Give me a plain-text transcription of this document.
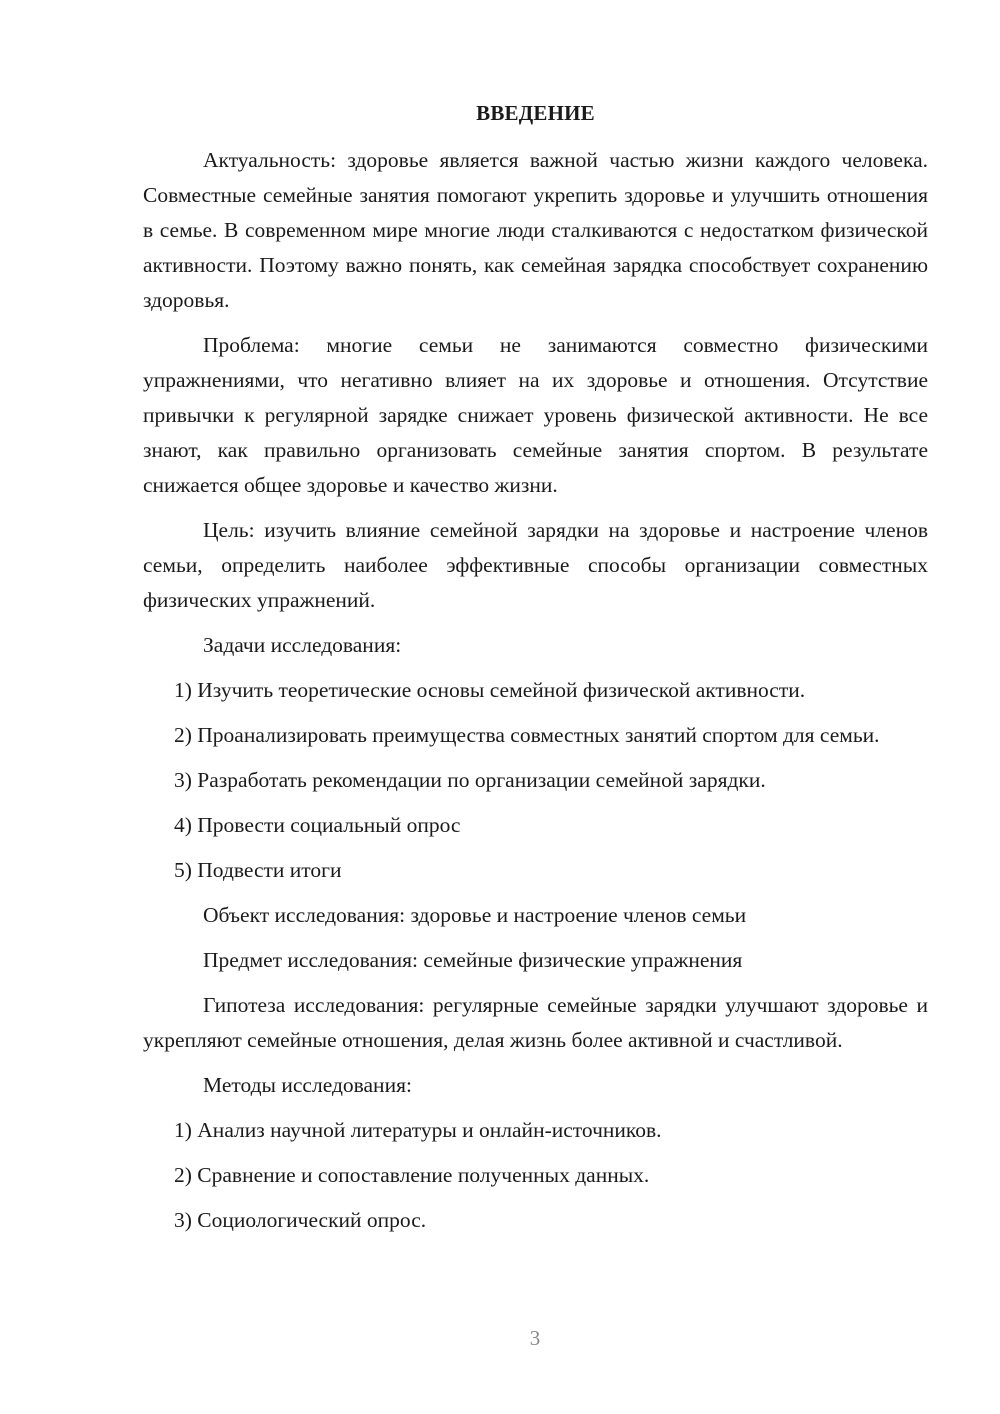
ВВЕДЕНИЕ

Актуальность: здоровье является важной частью жизни каждого человека. Совместные семейные занятия помогают укрепить здоровье и улучшить отношения в семье. В современном мире многие люди сталкиваются с недостатком физической активности. Поэтому важно понять, как семейная зарядка способствует сохранению здоровья.

Проблема: многие семьи не занимаются совместно физическими упражнениями, что негативно влияет на их здоровье и отношения. Отсутствие привычки к регулярной зарядке снижает уровень физической активности. Не все знают, как правильно организовать семейные занятия спортом. В результате снижается общее здоровье и качество жизни.

Цель: изучить влияние семейной зарядки на здоровье и настроение членов семьи, определить наиболее эффективные способы организации совместных физических упражнений.

Задачи исследования:

1) Изучить теоретические основы семейной физической активности.

2) Проанализировать преимущества совместных занятий спортом для семьи.

3) Разработать рекомендации по организации семейной зарядки.

4) Провести социальный опрос

5) Подвести итоги

Объект исследования: здоровье и настроение членов семьи

Предмет исследования: семейные физические упражнения

Гипотеза исследования: регулярные семейные зарядки улучшают здоровье и укрепляют семейные отношения, делая жизнь более активной и счастливой.

Методы исследования:

1) Анализ научной литературы и онлайн-источников.

2) Сравнение и сопоставление полученных данных.

3) Социологический опрос.

3
